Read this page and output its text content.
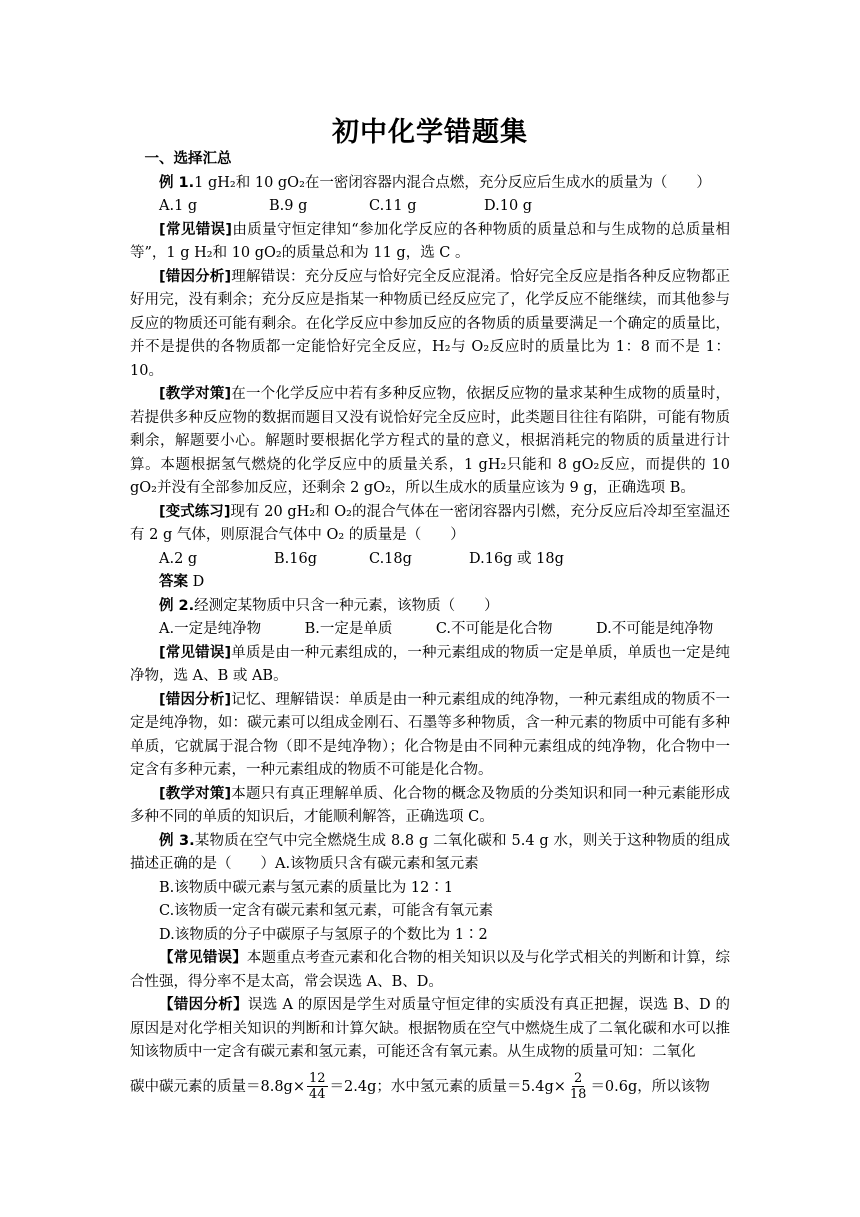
初中化学错题集

一、选择汇总

例 1.1 gH₂和 10 gO₂在一密闭容器内混合点燃，充分反应后生成水的质量为（　　）

A.1 g	B.9 g	C.11 g	D.10 g

[常见错误]由质量守恒定律知“参加化学反应的各种物质的质量总和与生成物的总质量相等”，1 g H₂和 10 gO₂的质量总和为 11 g，选 C 。

[错因分析]理解错误：充分反应与恰好完全反应混淆。恰好完全反应是指各种反应物都正好用完，没有剩余；充分反应是指某一种物质已经反应完了，化学反应不能继续，而其他参与反应的物质还可能有剩余。在化学反应中参加反应的各物质的质量要满足一个确定的质量比，并不是提供的各物质都一定能恰好完全反应，H₂与 O₂反应时的质量比为 1：8 而不是 1：10。

[教学对策]在一个化学反应中若有多种反应物，依据反应物的量求某种生成物的质量时，若提供多种反应物的数据而题目又没有说恰好完全反应时，此类题目往往有陷阱，可能有物质剩余，解题要小心。解题时要根据化学方程式的量的意义，根据消耗完的物质的质量进行计算。本题根据氢气燃烧的化学反应中的质量关系，1 gH₂只能和 8 gO₂反应，而提供的 10 gO₂并没有全部参加反应，还剩余 2 gO₂，所以生成水的质量应该为 9 g，正确选项 B。

[变式练习]现有 20 gH₂和 O₂的混合气体在一密闭容器内引燃，充分反应后冷却至室温还有 2 g 气体，则原混合气体中 O₂ 的质量是（　　）

A.2 g	B.16g	C.18g	D.16g 或 18g

答案 D

例 2.经测定某物质中只含一种元素，该物质（　　）

A.一定是纯净物　　　B.一定是单质　　　C.不可能是化合物　　　D.不可能是纯净物

[常见错误]单质是由一种元素组成的，一种元素组成的物质一定是单质，单质也一定是纯净物，选 A、B 或 AB。

[错因分析]记忆、理解错误：单质是由一种元素组成的纯净物，一种元素组成的物质不一定是纯净物，如：碳元素可以组成金刚石、石墨等多种物质，含一种元素的物质中可能有多种单质，它就属于混合物（即不是纯净物）；化合物是由不同种元素组成的纯净物，化合物中一定含有多种元素，一种元素组成的物质不可能是化合物。

[教学对策]本题只有真正理解单质、化合物的概念及物质的分类知识和同一种元素能形成多种不同的单质的知识后，才能顺利解答，正确选项 C。

例 3.某物质在空气中完全燃烧生成 8.8 g 二氧化碳和 5.4 g 水，则关于这种物质的组成描述正确的是（　　）A.该物质只含有碳元素和氢元素

B.该物质中碳元素与氢元素的质量比为 12∶1

C.该物质一定含有碳元素和氢元素，可能含有氧元素

D.该物质的分子中碳原子与氢原子的个数比为 1∶2

【常见错误】本题重点考查元素和化合物的相关知识以及与化学式相关的判断和计算，综合性强，得分率不是太高，常会误选 A、B、D。

【错因分析】误选 A 的原因是学生对质量守恒定律的实质没有真正把握，误选 B、D 的原因是对化学相关知识的判断和计算欠缺。根据物质在空气中燃烧生成了二氧化碳和水可以推知该物质中一定含有碳元素和氢元素，可能还含有氧元素。从生成物的质量可知：二氧化

碳中碳元素的质量$=8.8g\times \frac{12}{44} =2.4g$；水中氢元素的质量$=5.4g\times \frac{2}{18} =0.6g$，所以该物
